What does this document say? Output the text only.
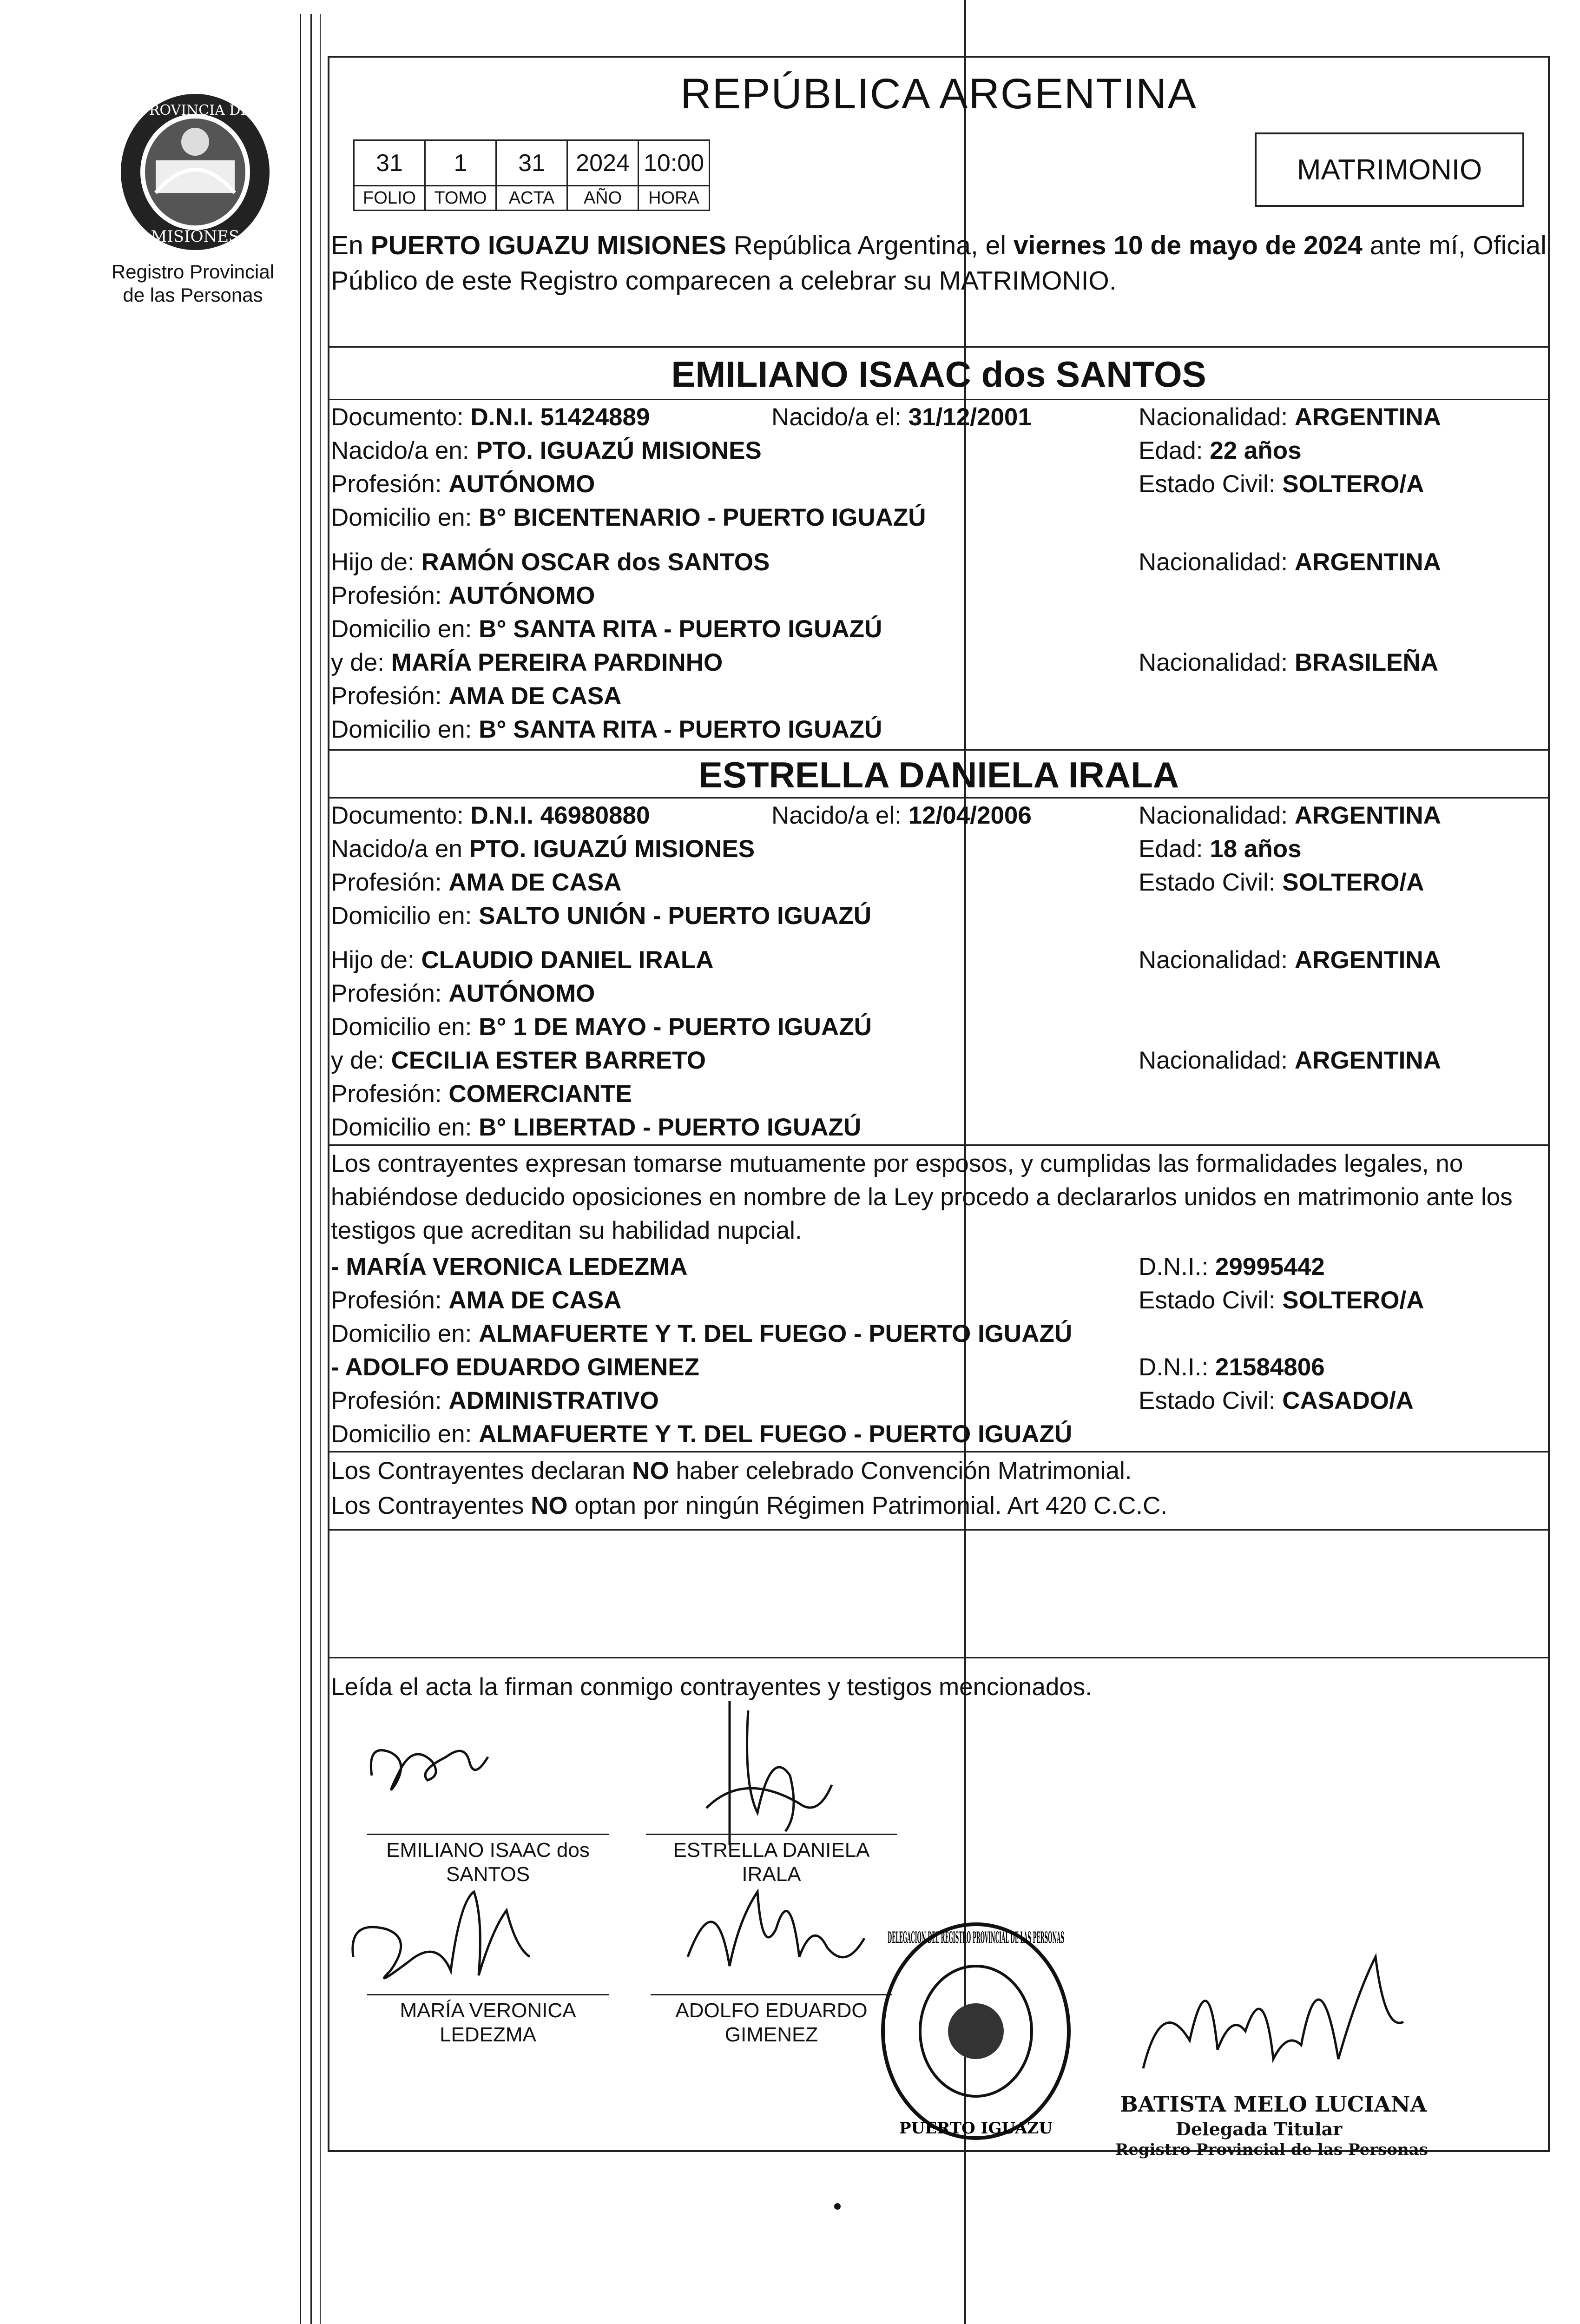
PROVINCIA DE
MISIONES
Registro Provincial
de las Personas
REPÚBLICA ARGENTINA
31	1	31	2024	10:00
FOLIO	TOMO	ACTA	AÑO	HORA
MATRIMONIO
En PUERTO IGUAZU MISIONES República Argentina, el viernes 10 de mayo de 2024 ante mí, Oficial Público de este Registro comparecen a celebrar su MATRIMONIO.
EMILIANO ISAAC dos SANTOS
Documento: D.N.I. 51424889	Nacido/a el: 31/12/2001	Nacionalidad: ARGENTINA
Nacido/a en: PTO. IGUAZÚ MISIONES	Edad: 22 años
Profesión: AUTÓNOMO	Estado Civil: SOLTERO/A
Domicilio en: B° BICENTENARIO - PUERTO IGUAZÚ
Hijo de: RAMÓN OSCAR dos SANTOS	Nacionalidad: ARGENTINA
Profesión: AUTÓNOMO
Domicilio en: B° SANTA RITA - PUERTO IGUAZÚ
y de: MARÍA PEREIRA PARDINHO	Nacionalidad: BRASILEÑA
Profesión: AMA DE CASA
Domicilio en: B° SANTA RITA - PUERTO IGUAZÚ
ESTRELLA DANIELA IRALA
Documento: D.N.I. 46980880	Nacido/a el: 12/04/2006	Nacionalidad: ARGENTINA
Nacido/a en PTO. IGUAZÚ MISIONES	Edad: 18 años
Profesión: AMA DE CASA	Estado Civil: SOLTERO/A
Domicilio en: SALTO UNIÓN - PUERTO IGUAZÚ
Hijo de: CLAUDIO DANIEL IRALA	Nacionalidad: ARGENTINA
Profesión: AUTÓNOMO
Domicilio en: B° 1 DE MAYO - PUERTO IGUAZÚ
y de: CECILIA ESTER BARRETO	Nacionalidad: ARGENTINA
Profesión: COMERCIANTE
Domicilio en: B° LIBERTAD - PUERTO IGUAZÚ
Los contrayentes expresan tomarse mutuamente por esposos, y cumplidas las formalidades legales, no habiéndose deducido oposiciones en nombre de la Ley procedo a declararlos unidos en matrimonio ante los testigos que acreditan su habilidad nupcial.
- MARÍA VERONICA LEDEZMA	D.N.I.: 29995442
Profesión: AMA DE CASA	Estado Civil: SOLTERO/A
Domicilio en: ALMAFUERTE Y T. DEL FUEGO - PUERTO IGUAZÚ
- ADOLFO EDUARDO GIMENEZ	D.N.I.: 21584806
Profesión: ADMINISTRATIVO	Estado Civil: CASADO/A
Domicilio en: ALMAFUERTE Y T. DEL FUEGO - PUERTO IGUAZÚ
Los Contrayentes declaran NO haber celebrado Convención Matrimonial.
Los Contrayentes NO optan por ningún Régimen Patrimonial. Art 420 C.C.C.
Leída el acta la firman conmigo contrayentes y testigos mencionados.
EMILIANO ISAAC dos
SANTOS
ESTRELLA DANIELA
IRALA
MARÍA VERONICA
LEDEZMA
ADOLFO EDUARDO
GIMENEZ
DELEGACION DEL REGISTRO PROVINCIAL DE LAS PERSONAS
PUERTO IGUAZU
BATISTA MELO LUCIANA
Delegada Titular
Registro Provincial de las Personas
